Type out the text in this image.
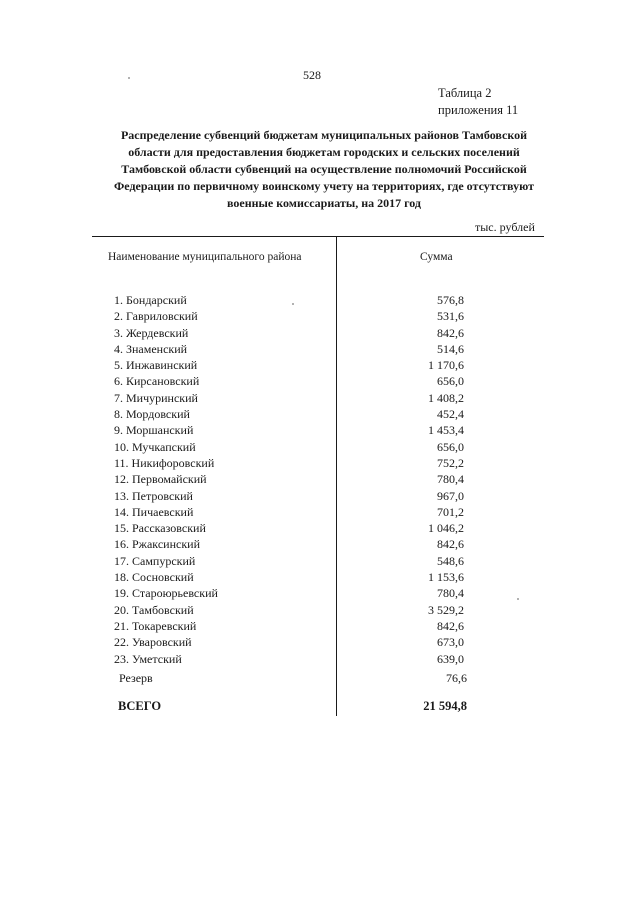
528
Таблица 2
приложения 11
Распределение субвенций бюджетам муниципальных районов Тамбовской
области для предоставления бюджетам городских и сельских поселений
Тамбовской области субвенций на осуществление полномочий Российской
Федерации по первичному воинскому учету на территориях, где отсутствуют
военные комиссариаты, на 2017 год
тыс. рублей
Наименование муниципального района	Сумма
1. Бондарский	576,8
2. Гавриловский	531,6
3. Жердевский	842,6
4. Знаменский	514,6
5. Инжавинский	1 170,6
6. Кирсановский	656,0
7. Мичуринский	1 408,2
8. Мордовский	452,4
9. Моршанский	1 453,4
10. Мучкапский	656,0
11. Никифоровский	752,2
12. Первомайский	780,4
13. Петровский	967,0
14. Пичаевский	701,2
15. Рассказовский	1 046,2
16. Ржаксинский	842,6
17. Сампурский	548,6
18. Сосновский	1 153,6
19. Староюрьевский	780,4
20. Тамбовский	3 529,2
21. Токаревский	842,6
22. Уваровский	673,0
23. Уметский	639,0
Резерв	76,6
ВСЕГО	21 594,8
